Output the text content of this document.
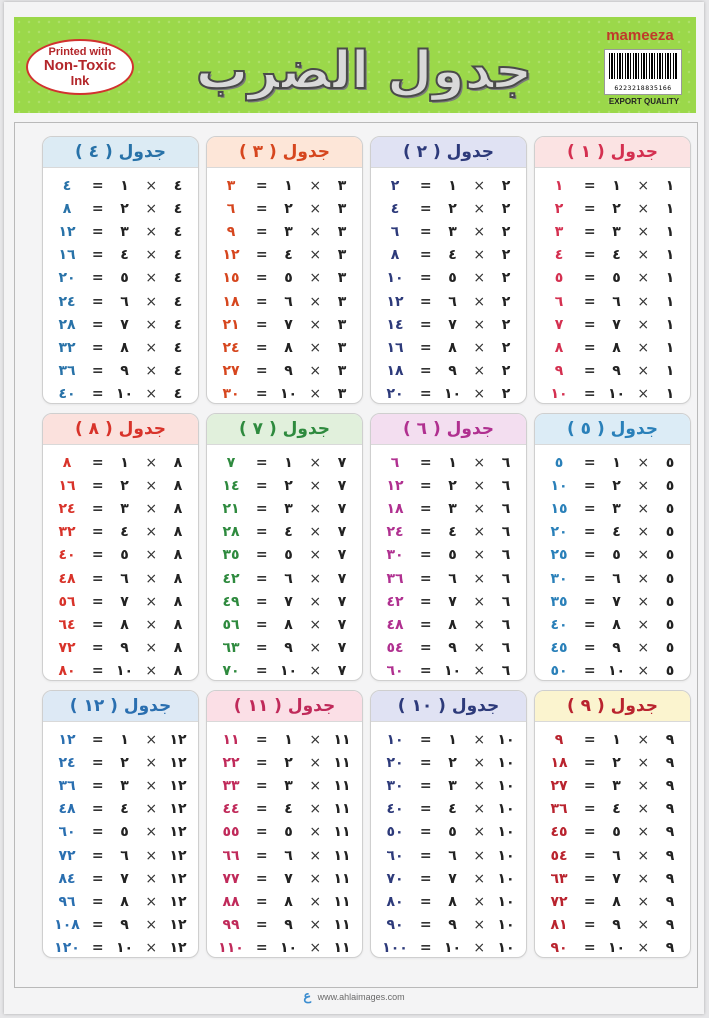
Printed with
Non-Toxic
Ink جدول الضرب
mameeza
6223218835166
EXPORT QUALITY
جدول ( ١ )
١
×
١
=
١
١
×
٢
=
٢
١
×
٣
=
٣
١
×
٤
=
٤
١
×
٥
=
٥
١
×
٦
=
٦
١
×
٧
=
٧
١
×
٨
=
٨
١
×
٩
=
٩
١
×
١٠
=
١٠
جدول ( ٢ )
٢
×
١
=
٢
٢
×
٢
=
٤
٢
×
٣
=
٦
٢
×
٤
=
٨
٢
×
٥
=
١٠
٢
×
٦
=
١٢
٢
×
٧
=
١٤
٢
×
٨
=
١٦
٢
×
٩
=
١٨
٢
×
١٠
=
٢٠
جدول ( ٣ )
٣
×
١
=
٣
٣
×
٢
=
٦
٣
×
٣
=
٩
٣
×
٤
=
١٢
٣
×
٥
=
١٥
٣
×
٦
=
١٨
٣
×
٧
=
٢١
٣
×
٨
=
٢٤
٣
×
٩
=
٢٧
٣
×
١٠
=
٣٠
جدول ( ٤ )
٤
×
١
=
٤
٤
×
٢
=
٨
٤
×
٣
=
١٢
٤
×
٤
=
١٦
٤
×
٥
=
٢٠
٤
×
٦
=
٢٤
٤
×
٧
=
٢٨
٤
×
٨
=
٣٢
٤
×
٩
=
٣٦
٤
×
١٠
=
٤٠
جدول ( ٥ )
٥
×
١
=
٥
٥
×
٢
=
١٠
٥
×
٣
=
١٥
٥
×
٤
=
٢٠
٥
×
٥
=
٢٥
٥
×
٦
=
٣٠
٥
×
٧
=
٣٥
٥
×
٨
=
٤٠
٥
×
٩
=
٤٥
٥
×
١٠
=
٥٠
جدول ( ٦ )
٦
×
١
=
٦
٦
×
٢
=
١٢
٦
×
٣
=
١٨
٦
×
٤
=
٢٤
٦
×
٥
=
٣٠
٦
×
٦
=
٣٦
٦
×
٧
=
٤٢
٦
×
٨
=
٤٨
٦
×
٩
=
٥٤
٦
×
١٠
=
٦٠
جدول ( ٧ )
٧
×
١
=
٧
٧
×
٢
=
١٤
٧
×
٣
=
٢١
٧
×
٤
=
٢٨
٧
×
٥
=
٣٥
٧
×
٦
=
٤٢
٧
×
٧
=
٤٩
٧
×
٨
=
٥٦
٧
×
٩
=
٦٣
٧
×
١٠
=
٧٠
جدول ( ٨ )
٨
×
١
=
٨
٨
×
٢
=
١٦
٨
×
٣
=
٢٤
٨
×
٤
=
٣٢
٨
×
٥
=
٤٠
٨
×
٦
=
٤٨
٨
×
٧
=
٥٦
٨
×
٨
=
٦٤
٨
×
٩
=
٧٢
٨
×
١٠
=
٨٠
جدول ( ٩ )
٩
×
١
=
٩
٩
×
٢
=
١٨
٩
×
٣
=
٢٧
٩
×
٤
=
٣٦
٩
×
٥
=
٤٥
٩
×
٦
=
٥٤
٩
×
٧
=
٦٣
٩
×
٨
=
٧٢
٩
×
٩
=
٨١
٩
×
١٠
=
٩٠
جدول ( ١٠ )
١٠
×
١
=
١٠
١٠
×
٢
=
٢٠
١٠
×
٣
=
٣٠
١٠
×
٤
=
٤٠
١٠
×
٥
=
٥٠
١٠
×
٦
=
٦٠
١٠
×
٧
=
٧٠
١٠
×
٨
=
٨٠
١٠
×
٩
=
٩٠
١٠
×
١٠
=
١٠٠
جدول ( ١١ )
١١
×
١
=
١١
١١
×
٢
=
٢٢
١١
×
٣
=
٣٣
١١
×
٤
=
٤٤
١١
×
٥
=
٥٥
١١
×
٦
=
٦٦
١١
×
٧
=
٧٧
١١
×
٨
=
٨٨
١١
×
٩
=
٩٩
١١
×
١٠
=
١١٠
جدول ( ١٢ )
١٢
×
١
=
١٢
١٢
×
٢
=
٢٤
١٢
×
٣
=
٣٦
١٢
×
٤
=
٤٨
١٢
×
٥
=
٦٠
١٢
×
٦
=
٧٢
١٢
×
٧
=
٨٤
١٢
×
٨
=
٩٦
١٢
×
٩
=
١٠٨
١٢
×
١٠
=
١٢٠
ع www.ahlaimages.com
